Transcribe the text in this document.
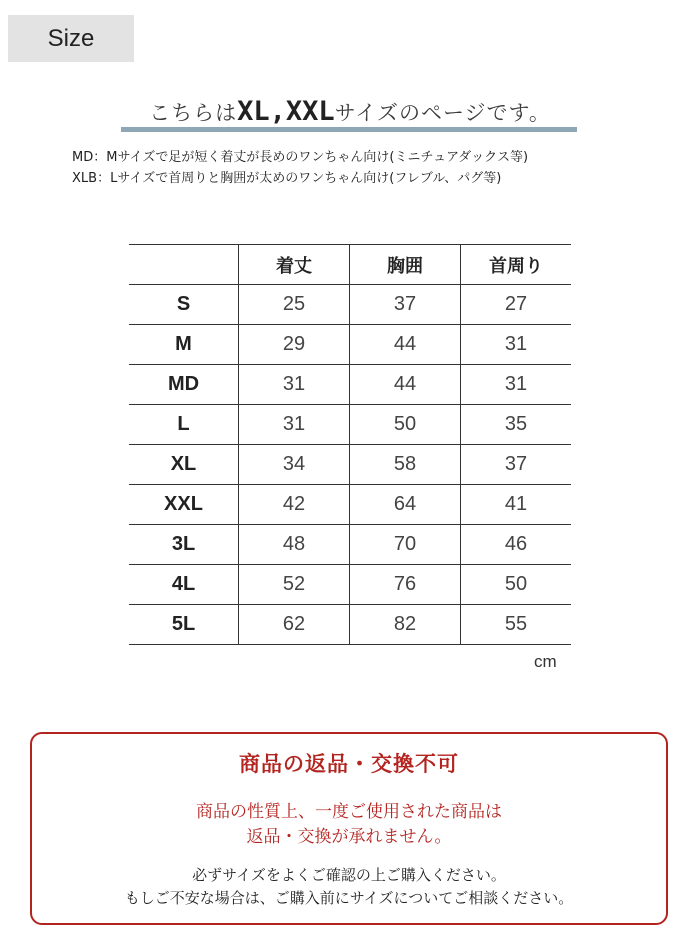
Size
こちらはXL,XXLサイズのページです。
MD：Mサイズで足が短く着丈が長めのワンちゃん向け(ミニチュアダックス等)
XLB：Lサイズで首周りと胸囲が太めのワンちゃん向け(フレブル、パグ等)
	着丈	胸囲	首周り
S	25	37	27
M	29	44	31
MD	31	44	31
L	31	50	35
XL	34	58	37
XXL	42	64	41
3L	48	70	46
4L	52	76	50
5L	62	82	55
cm
商品の返品・交換不可
商品の性質上、一度ご使用された商品は
返品・交換が承れません。
必ずサイズをよくご確認の上ご購入ください。
もしご不安な場合は、ご購入前にサイズについてご相談ください。
